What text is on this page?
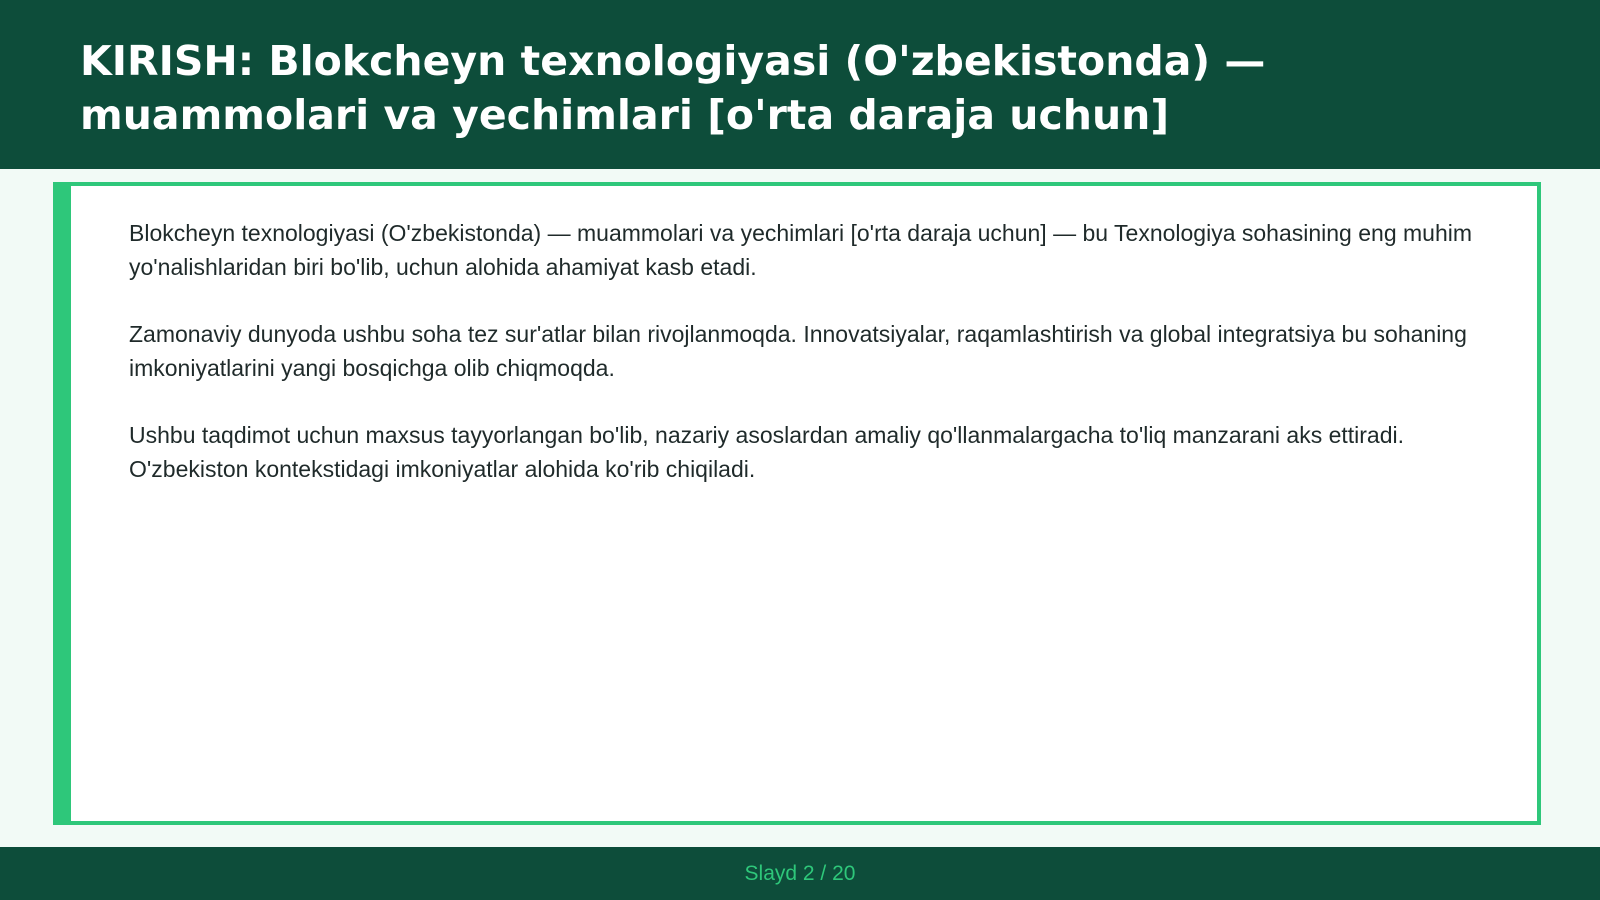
KIRISH: Blokcheyn texnologiyasi (O'zbekistonda) — muammolari va yechimlari [o'rta daraja uchun]

Blokcheyn texnologiyasi (O'zbekistonda) — muammolari va yechimlari [o'rta daraja uchun] — bu Texnologiya sohasining eng muhim yo'nalishlaridan biri bo'lib, uchun alohida ahamiyat kasb etadi.

Zamonaviy dunyoda ushbu soha tez sur'atlar bilan rivojlanmoqda. Innovatsiyalar, raqamlashtirish va global integratsiya bu sohaning imkoniyatlarini yangi bosqichga olib chiqmoqda.

Ushbu taqdimot uchun maxsus tayyorlangan bo'lib, nazariy asoslardan amaliy qo'llanmalargacha to'liq manzarani aks ettiradi. O'zbekiston kontekstidagi imkoniyatlar alohida ko'rib chiqiladi.

Slayd 2 / 20
